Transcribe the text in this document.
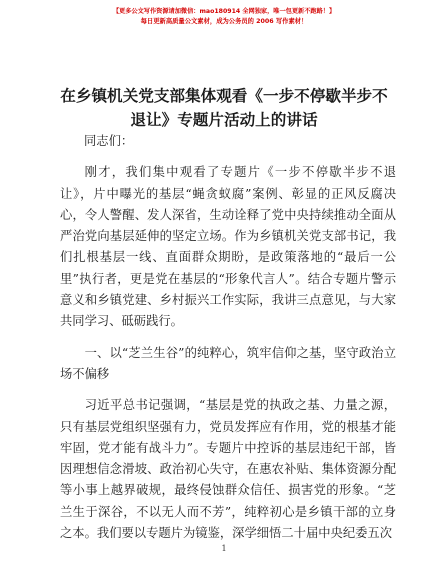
【更多公文写作资源请加微信：mao180914 全网独家，唯一包更新不跑路！】
每日更新高质量公文素材，成为公务员的 2006 写作素材！
在乡镇机关党支部集体观看《一步不停歇半步不退让》专题片活动上的讲话

同志们：

刚才，我们集中观看了专题片《一步不停歇半步不退让》，片中曝光的基层“蝇贪蚁腐”案例、彰显的正风反腐决心，令人警醒、发人深省，生动诠释了党中央持续推动全面从严治党向基层延伸的坚定立场。作为乡镇机关党支部书记，我们扎根基层一线、直面群众期盼，是政策落地的“最后一公里”执行者，更是党在基层的“形象代言人”。结合专题片警示意义和乡镇党建、乡村振兴工作实际，我讲三点意见，与大家共同学习、砥砺践行。

一、以“芝兰生谷”的纯粹心，筑牢信仰之基，坚守政治立场不偏移

习近平总书记强调，“基层是党的执政之基、力量之源，只有基层党组织坚强有力，党员发挥应有作用，党的根基才能牢固，党才能有战斗力”。专题片中控诉的基层违纪干部，皆因理想信念滑坡、政治初心失守，在惠农补贴、集体资源分配等小事上越界破规，最终侵蚀群众信任、损害党的形象。“芝兰生于深谷，不以无人而不芳”，纯粹初心是乡镇干部的立身之本。我们要以专题片为镜鉴，深学细悟二十届中央纪委五次

1
